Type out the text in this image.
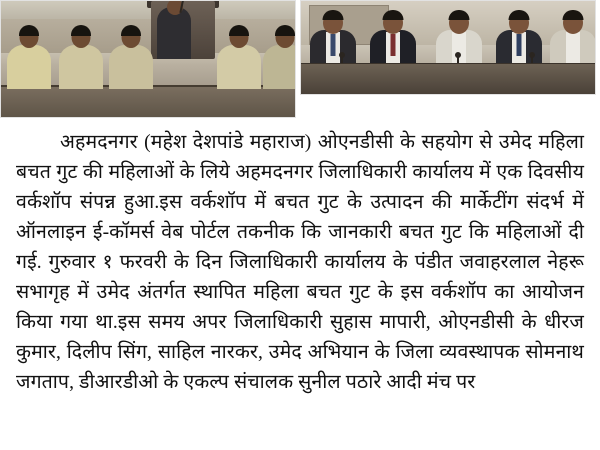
अहमदनगर (महेश देशपांडे महाराज) ओएनडीसी के सहयोग से उमेद महिला बचत गुट की महिलाओं के लिये अहमदनगर जिलाधिकारी कार्यालय में एक दिवसीय वर्कशॉप संपन्न हुआ.इस वर्कशॉप में बचत गुट के उत्पादन की मार्केटींग संदर्भ में ऑनलाइन ई-कॉमर्स वेब पोर्टल तकनीक कि जानकारी बचत गुट कि महिलाओं दी गई. गुरुवार १ फरवरी के दिन जिलाधिकारी कार्यालय के पंडीत जवाहरलाल नेहरू सभागृह में उमेद अंतर्गत स्थापित महिला बचत गुट के इस वर्कशॉप का आयोजन किया गया था.इस समय अपर जिलाधिकारी सुहास मापारी, ओएनडीसी के धीरज कुमार, दिलीप सिंग, साहिल नारकर, उमेद अभियान के जिला व्यवस्थापक सोमनाथ जगताप, डीआरडीओ के एकल्प संचालक सुनील पठारे आदी मंच पर
